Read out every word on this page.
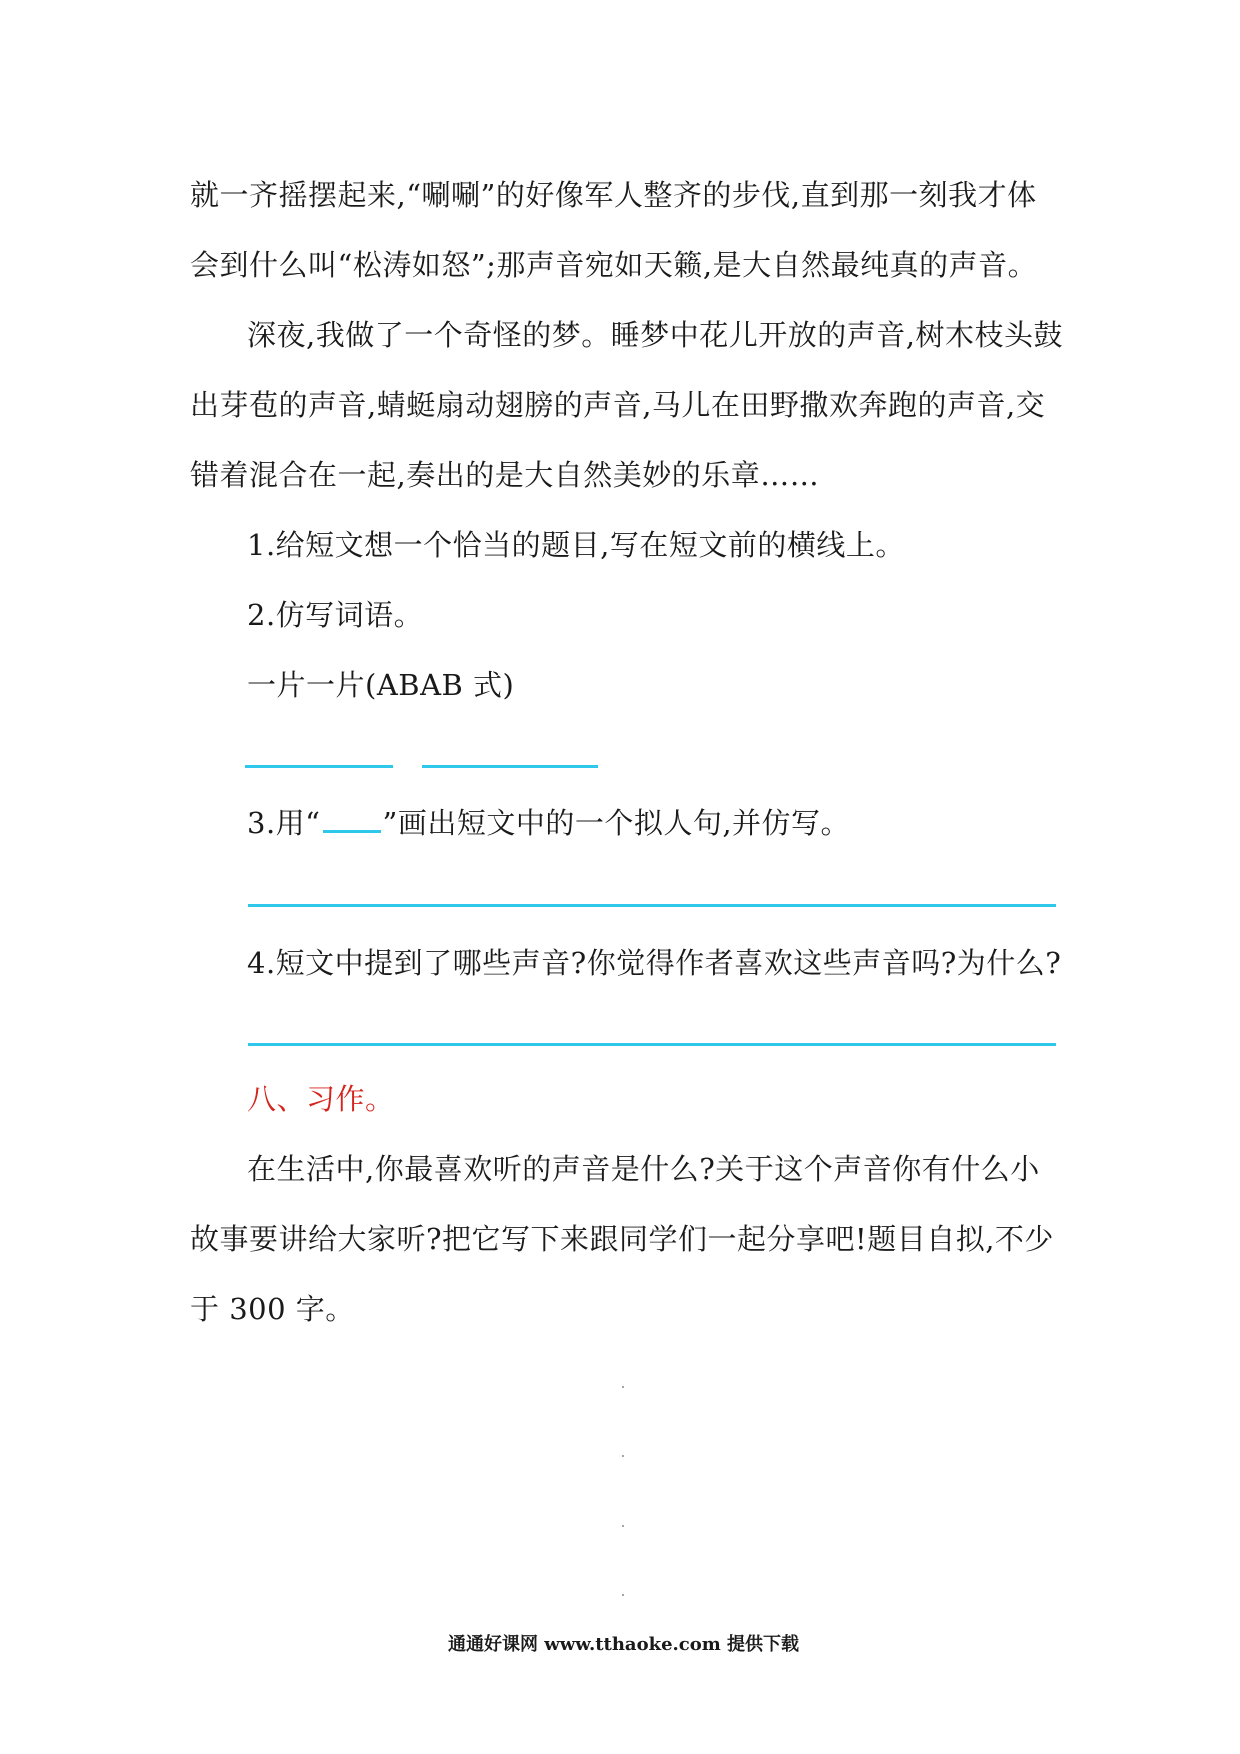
就一齐摇摆起来,“唰唰”的好像军人整齐的步伐,直到那一刻我才体
会到什么叫“松涛如怒”;那声音宛如天籁,是大自然最纯真的声音。
深夜,我做了一个奇怪的梦。睡梦中花儿开放的声音,树木枝头鼓
出芽苞的声音,蜻蜓扇动翅膀的声音,马儿在田野撒欢奔跑的声音,交
错着混合在一起,奏出的是大自然美妙的乐章……
1.给短文想一个恰当的题目,写在短文前的横线上。
2.仿写词语。
一片一片(ABAB 式)
3.用“ ”画出短文中的一个拟人句,并仿写。
4.短文中提到了哪些声音?你觉得作者喜欢这些声音吗?为什么?
八、习作。
在生活中,你最喜欢听的声音是什么?关于这个声音你有什么小
故事要讲给大家听?把它写下来跟同学们一起分享吧!题目自拟,不少
于 300 字。
通通好课网 www.tthaoke.com 提供下载
